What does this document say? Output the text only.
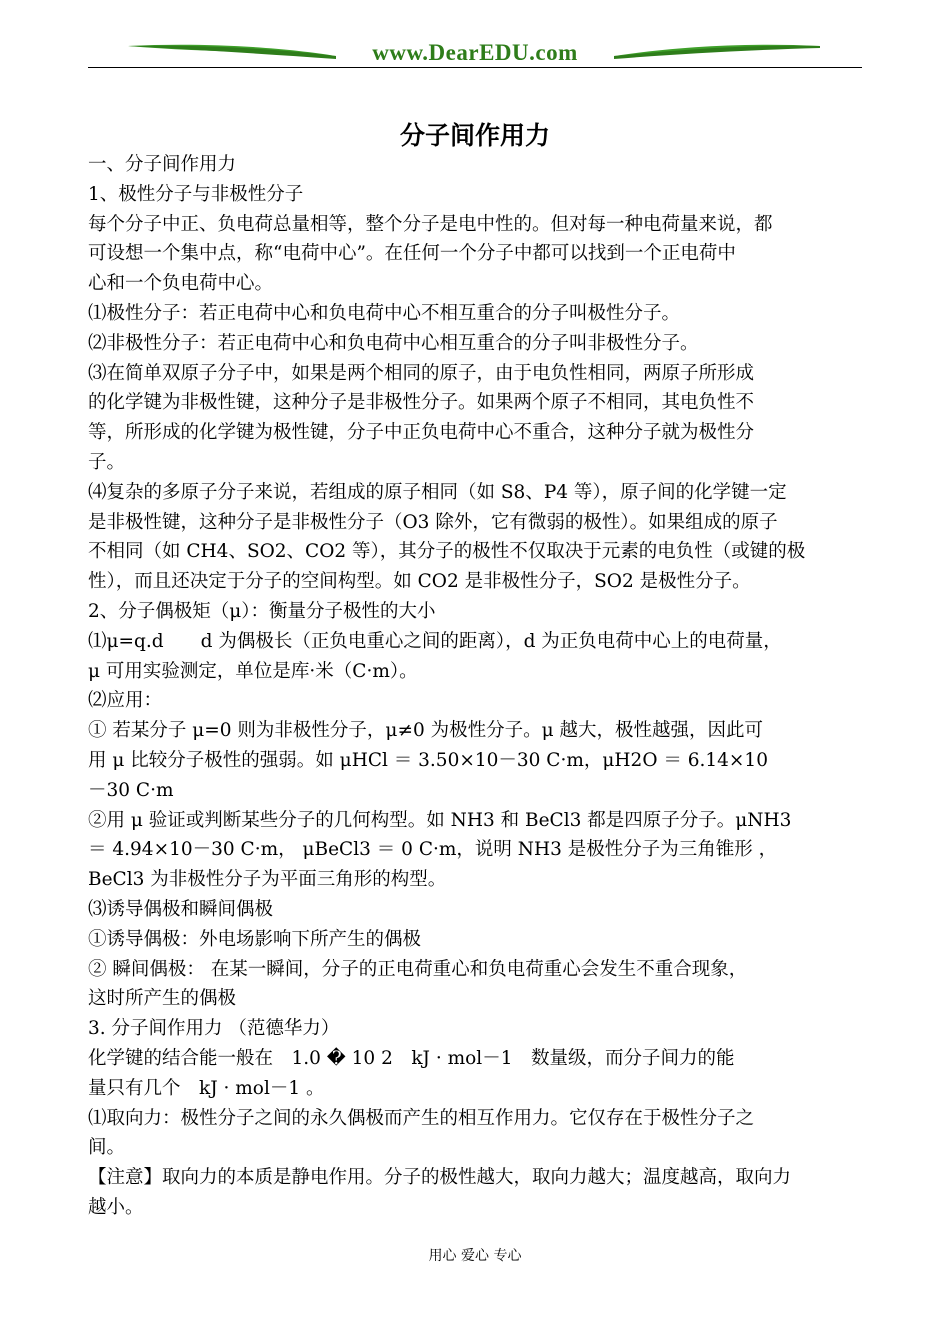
www.DearEDU.com
分子间作用力

一、分子间作用力

1、极性分子与非极性分子

每个分子中正、负电荷总量相等，整个分子是电中性的。但对每一种电荷量来说，都

可设想一个集中点，称“电荷中心”。在任何一个分子中都可以找到一个正电荷中

心和一个负电荷中心。

⑴极性分子：若正电荷中心和负电荷中心不相互重合的分子叫极性分子。

⑵非极性分子：若正电荷中心和负电荷中心相互重合的分子叫非极性分子。

⑶在简单双原子分子中，如果是两个相同的原子，由于电负性相同，两原子所形成

的化学键为非极性键，这种分子是非极性分子。如果两个原子不相同，其电负性不

等，所形成的化学键为极性键，分子中正负电荷中心不重合，这种分子就为极性分

子。

⑷复杂的多原子分子来说，若组成的原子相同（如 S8、P4 等），原子间的化学键一定

是非极性键，这种分子是非极性分子（O3 除外，它有微弱的极性）。如果组成的原子

不相同（如 CH4、SO2、CO2 等），其分子的极性不仅取决于元素的电负性（或键的极

性），而且还决定于分子的空间构型。如 CO2 是非极性分子，SO2 是极性分子。

2、分子偶极矩（μ）：衡量分子极性的大小

⑴μ=q.d　　d 为偶极长（正负电重心之间的距离），d 为正负电荷中心上的电荷量，

μ 可用实验测定，单位是库·米（C·m）。

⑵应用：

① 若某分子 μ=0 则为非极性分子，μ≠0 为极性分子。μ 越大，极性越强，因此可

用 μ 比较分子极性的强弱。如 μHCl ＝ 3.50×10－30 C·m，μH2O ＝ 6.14×10

－30 C·m

②用 μ 验证或判断某些分子的几何构型。如 NH3 和 BeCl3 都是四原子分子。μNH3

＝ 4.94×10－30 C·m， μBeCl3 ＝ 0 C·m，说明 NH3 是极性分子为三角锥形 ，

BeCl3 为非极性分子为平面三角形的构型。

⑶诱导偶极和瞬间偶极

①诱导偶极：外电场影响下所产生的偶极

② 瞬间偶极： 在某一瞬间，分子的正电荷重心和负电荷重心会发生不重合现象，

这时所产生的偶极

3. 分子间作用力 （范德华力）

化学键的结合能一般在　1.0 � 10 2　kJ · mol－1　数量级，而分子间力的能

量只有几个　kJ · mol－1 。

⑴取向力：极性分子之间的永久偶极而产生的相互作用力。它仅存在于极性分子之

间。

【注意】取向力的本质是静电作用。分子的极性越大，取向力越大；温度越高，取向力

越小。

用心 爱心 专心
